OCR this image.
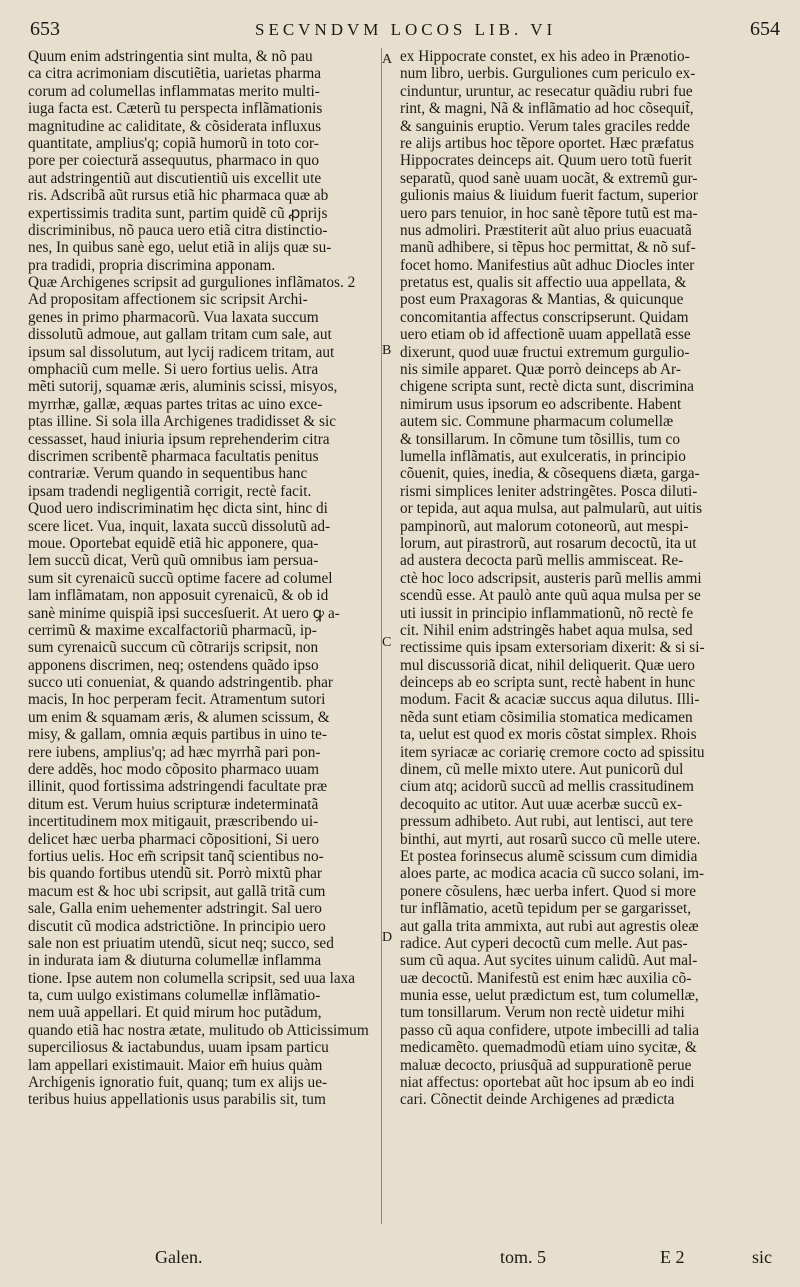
653	SECVNDVM LOCOS LIB. VI	654
Quum enim adstringentia sint multa, & nõ pau
ca citra acrimoniam discutiẽtia, uarietas pharma
corum ad columellas inflammatas merito multi-
iuga facta est. Cæterũ tu perspecta inflãmationis
magnitudine ac caliditate, & cõsiderata influxus
quantitate, amplius'q; copiã humorũ in toto cor-
pore per coiectură assequutus, pharmaco in quo
aut adstringentiũ aut discutientiũ uis excellit ute
ris. Adscribã aũt rursus etiã hic pharmaca quæ ab
expertissimis tradita sunt, partim quidẽ cũ ꝓprijs
discriminibus, nõ pauca uero etiã citra distinctio-
nes, In quibus sanè ego, uelut etiã in alijs quæ su-
pra tradidi, propria discrimina apponam.
Quæ Archigenes scripsit ad gurguliones inflãmatos. 2
Ad propositam affectionem sic scripsit Archi-
genes in primo pharmacorũ. Vua laxata succum
dissolutũ admoue, aut gallam tritam cum sale, aut
ipsum sal dissolutum, aut lycij radicem tritam, aut
omphaciũ cum melle. Si uero fortius uelis. Atra
mẽti sutorij, squamæ æris, aluminis scissi, misyos,
myrrhæ, gallæ, æquas partes tritas ac uino exce-
ptas illine. Si sola illa Archigenes tradidisset & sic
cessasset, haud iniuria ipsum reprehenderim citra
discrimen scribentẽ pharmaca facultatis penitus
contrariæ. Verum quando in sequentibus hanc
ipsam tradendi negligentiã corrigit, rectè facit.
Quod uero indiscriminatim hęc dicta sint, hinc di
scere licet. Vua, inquit, laxata succũ dissolutũ ad-
moue. Oportebat equidẽ etiã hic apponere, qua-
lem succũ dicat, Verũ quũ omnibus iam persua-
sum sit cyrenaicũ succũ optime facere ad columel
lam inflãmatam, non apposuit cyrenaicũ, & ob id
sanè minime quispiã ipsi succesſuerit. At uero ꝙ a-
cerrimũ & maxime excalfactoriũ pharmacũ, ip-
sum cyrenaicũ succum cũ cõtrarijs scripsit, non
apponens discrimen, neq; ostendens quãdo ipso
succo uti conueniat, & quando adstringentib. phar
macis, In hoc perperam fecit. Atramentum sutori
um enim & squamam æris, & alumen scissum, &
misy, & gallam, omnia æquis partibus in uino te-
rere iubens, amplius'q; ad hæc myrrhã pari pon-
dere addẽs, hoc modo cõposito pharmaco uuam
illinit, quod fortissima adstringendi facultate præ
ditum est. Verum huius scripturæ indeterminatã
incertitudinem mox mitigauit, præscribendo ui-
delicet hæc uerba pharmaci cõpositioni, Si uero
fortius uelis. Hoc em̃ scripsit tanq̃ scientibus no-
bis quando fortibus utendũ sit. Porrò mixtũ phar
macum est & hoc ubi scripsit, aut gallã tritã cum
sale, Galla enim uehementer adstringit. Sal uero
discutit cũ modica adstrictiõne. In principio uero
sale non est priuatim utendũ, sicut neq; succo, sed
in indurata iam & diuturna columellæ inflamma
tione. Ipse autem non columella scripsit, sed uua laxa
ta, cum uulgo existimans columellæ inflãmatio-
nem uuã appellari. Et quid mirum hoc putãdum,
quando etiã hac nostra ætate, mulitudo ob Atticissimum
superciliosus & iactabundus, uuam ipsam particu
lam appellari existimauit. Maior em̃ huius quàm
Archigenis ignoratio fuit, quanq; tum ex alijs ue-
teribus huius appellationis usus parabilis sit, tum
ex Hippocrate constet, ex his adeo in Prænotio-
num libro, uerbis. Gurguliones cum periculo ex-
cinduntur, uruntur, ac resecatur quãdiu rubri fue
rint, & magni, Nã & inflãmatio ad hoc cõsequit̃,
& sanguinis eruptio. Verum tales graciles redde
re alijs artibus hoc tẽpore oportet. Hæc præfatus
Hippocrates deinceps ait. Quum uero totũ fuerit
separatũ, quod sanè uuam uocãt, & extremũ gur-
gulionis maius & liuidum fuerit factum, superior
uero pars tenuior, in hoc sanè tẽpore tutũ est ma-
nus admoliri. Præstiterit aũt aluo prius euacuatã
manũ adhibere, si tẽpus hoc permittat, & nõ suf-
focet homo. Manifestius aũt adhuc Diocles inter
pretatus est, qualis sit affectio uua appellata, &
post eum Praxagoras & Mantias, & quicunque
concomitantia affectus conscripserunt. Quidam
uero etiam ob id affectionẽ uuam appellatã esse
dixerunt, quod uuæ fructui extremum gurgulio-
nis simile apparet. Quæ porrò deinceps ab Ar-
chigene scripta sunt, rectè dicta sunt, discrimina
nimirum usus ipsorum eo adscribente. Habent
autem sic. Commune pharmacum columellæ
& tonsillarum. In cõmune tum tõsillis, tum co
lumella inflãmatis, aut exulceratis, in principio
cõuenit, quies, inedia, & cõsequens diæta, garga-
rismi simplices leniter adstringẽtes. Posca diluti-
or tepida, aut aqua mulsa, aut palmularũ, aut uitis
pampinorũ, aut malorum cotoneorũ, aut mespi-
lorum, aut pirastrorũ, aut rosarum decoctũ, ita ut
ad austera decocta parũ mellis ammisceat. Re-
ctè hoc loco adscripsit, austeris parũ mellis ammi
scendũ esse. At paulò ante quũ aqua mulsa per se
uti iussit in principio inflammationũ, nõ rectè fe
cit. Nihil enim adstringẽs habet aqua mulsa, sed
rectissime quis ipsam extersoriam dixerit: & si si-
mul discussoriã dicat, nihil deliquerit. Quæ uero
deinceps ab eo scripta sunt, rectè habent in hunc
modum. Facit & acaciæ succus aqua dilutus. Illi-
nẽda sunt etiam cõsimilia stomatica medicamen
ta, uelut est quod ex moris cõstat simplex. Rhois
item syriacæ ac coriarię cremore cocto ad spissitu
dinem, cũ melle mixto utere. Aut punicorũ dul
cium atq; acidorũ succũ ad mellis crassitudinem
decoquito ac utitor. Aut uuæ acerbæ succũ ex-
pressum adhibeto. Aut rubi, aut lentisci, aut tere
binthi, aut myrti, aut rosarũ succo cũ melle utere.
Et postea forinsecus alumẽ scissum cum dimidia
aloes parte, ac modica acacia cũ succo solani, im-
ponere cõsulens, hæc uerba infert. Quod si more
tur inflãmatio, acetũ tepidum per se gargarisset,
aut galla trita ammixta, aut rubi aut agrestis oleæ
radice. Aut cyperi decoctũ cum melle. Aut pas-
sum cũ aqua. Aut sycites uinum calidũ. Aut mal-
uæ decoctũ. Manifestũ est enim hæc auxilia cõ-
munia esse, uelut prædictum est, tum columellæ,
tum tonsillarum. Verum non rectè uidetur mihi
passo cũ aqua confidere, utpote imbecilli ad talia
medicamẽto. quemadmodũ etiam uino sycitæ, &
maluæ decocto, priusq̃uã ad suppurationẽ perue
niat affectus: oportebat aũt hoc ipsum ab eo indi
cari. Cõnectit deinde Archigenes ad prædicta
A
B
C
D
Galen.	tom. 5	E 2	sic
